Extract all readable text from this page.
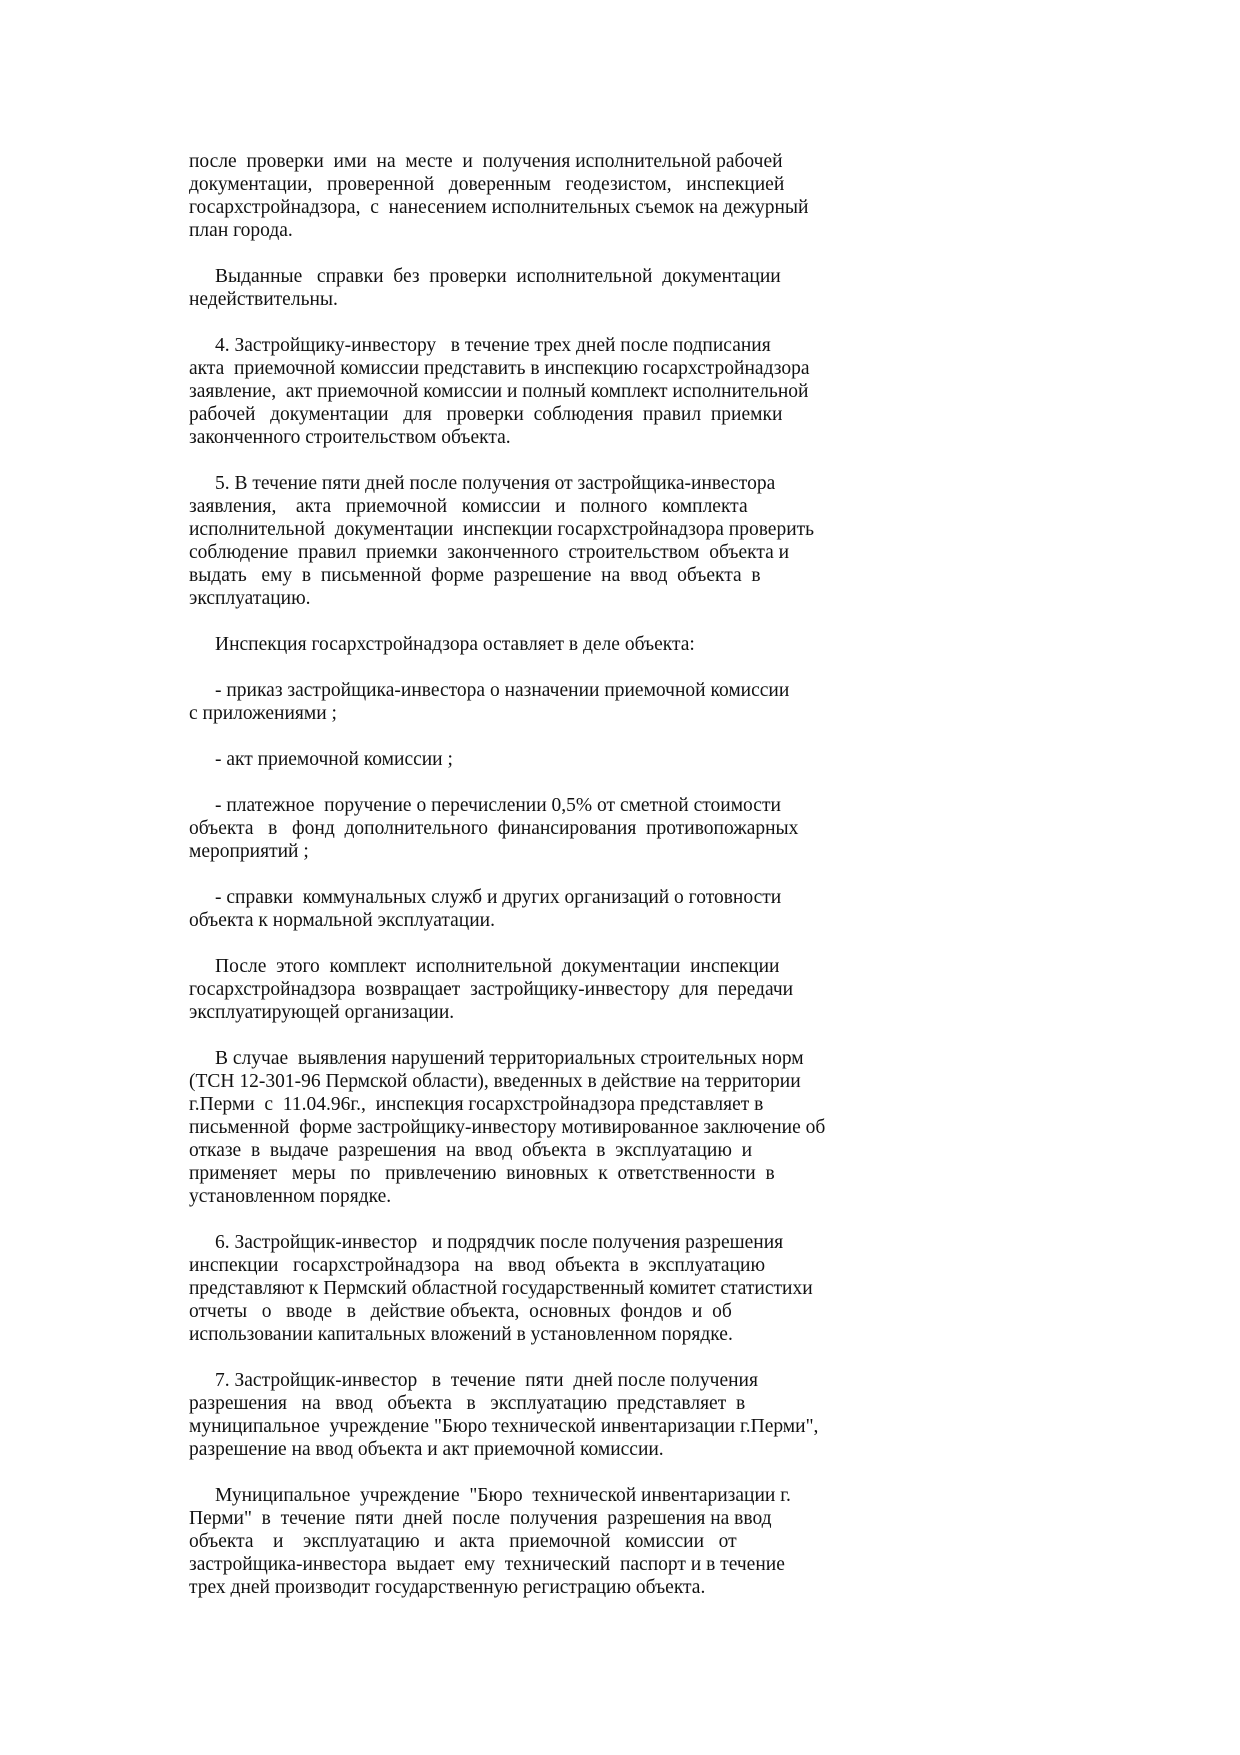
после  проверки  ими  на  месте  и  получения исполнительной рабочей
документации,   проверенной   доверенным   геодезистом,   инспекцией
госархстройнадзора,  с  нанесением исполнительных съемок на дежурный
план города.
Выданные   справки  без  проверки  исполнительной  документации
недействительны.
4. Застройщику-инвестору   в течение трех дней после подписания
акта  приемочной комиссии представить в инспекцию госархстройнадзора
заявление,  акт приемочной комиссии и полный комплект исполнительной
рабочей   документации   для   проверки  соблюдения  правил  приемки
законченного строительством объекта.
5. В течение пяти дней после получения от застройщика-инвестора
заявления,    акта   приемочной   комиссии   и   полного   комплекта
исполнительной  документации  инспекции госархстройнадзора проверить
соблюдение  правил  приемки  законченного  строительством  объекта и
выдать   ему  в  письменной  форме  разрешение  на  ввод  объекта  в
эксплуатацию.
Инспекция госархстройнадзора оставляет в деле объекта:
- приказ застройщика-инвестора о назначении приемочной комиссии
с приложениями ;
- акт приемочной комиссии ;
- платежное  поручение о перечислении 0,5% от сметной стоимости
объекта   в   фонд  дополнительного  финансирования  противопожарных
мероприятий ;
- справки  коммунальных служб и других организаций о готовности
объекта к нормальной эксплуатации.
После  этого  комплект  исполнительной  документации  инспекции
госархстройнадзора  возвращает  застройщику-инвестору  для  передачи
эксплуатирующей организации.
В случае  выявления нарушений территориальных строительных норм
(ТСН 12-301-96 Пермской области), введенных в действие на территории
г.Перми  с  11.04.96г.,  инспекция госархстройнадзора представляет в
письменной  форме застройщику-инвестору мотивированное заключение об
отказе  в  выдаче  разрешения  на  ввод  объекта  в  эксплуатацию  и
применяет   меры   по   привлечению  виновных  к  ответственности  в
установленном порядке.
6. Застройщик-инвестор   и подрядчик после получения разрешения
инспекции   госархстройнадзора   на   ввод  объекта  в  эксплуатацию
представляют к Пермский областной государственный комитет статистихи
отчеты   о   вводе   в   действие объекта,  основных  фондов  и  об
использовании капитальных вложений в установленном порядке.
7. Застройщик-инвестор   в  течение  пяти  дней после получения
разрешения   на   ввод   объекта   в   эксплуатацию  представляет  в
муниципальное  учреждение "Бюро технической инвентаризации г.Перми",
разрешение на ввод объекта и акт приемочной комиссии.
Муниципальное  учреждение  "Бюро  технической инвентаризации г.
Перми"  в  течение  пяти  дней  после  получения  разрешения на ввод
объекта    и    эксплуатацию   и   акта   приемочной   комиссии   от
застройщика-инвестора  выдает  ему  технический  паспорт и в течение
трех дней производит государственную регистрацию объекта.
